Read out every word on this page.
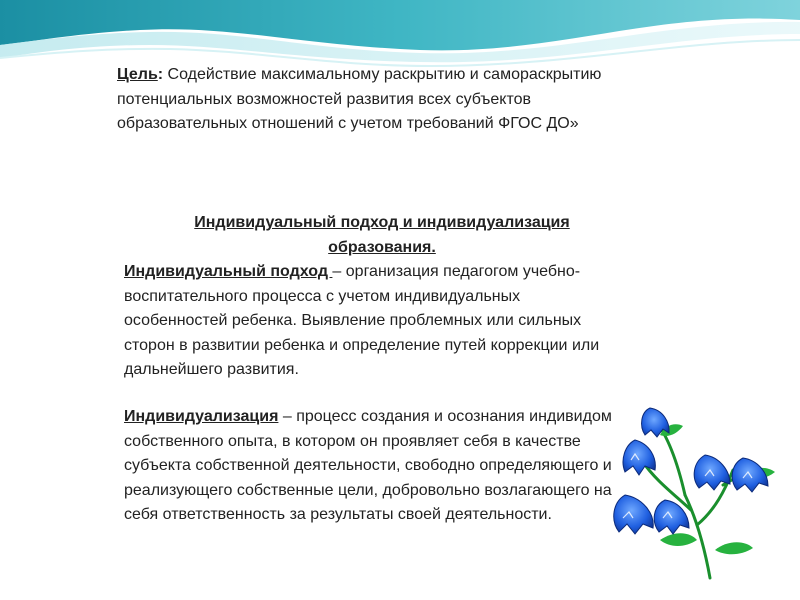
Цель: Содействие максимальному раскрытию и самораскрытию потенциальных возможностей развития всех субъектов образовательных отношений с учетом требований ФГОС ДО»

Индивидуальный подход и индивидуализация образования.

Индивидуальный подход – организация педагогом учебно-воспитательного процесса с учетом индивидуальных особенностей ребенка. Выявление проблемных или сильных сторон в развитии ребенка и определение путей коррекции или дальнейшего развития.

Индивидуализация – процесс создания и осознания индивидом собственного опыта, в котором он проявляет себя в качестве субъекта собственной деятельности, свободно определяющего и реализующего собственные цели, добровольно возлагающего на себя ответственность за результаты своей деятельности.
